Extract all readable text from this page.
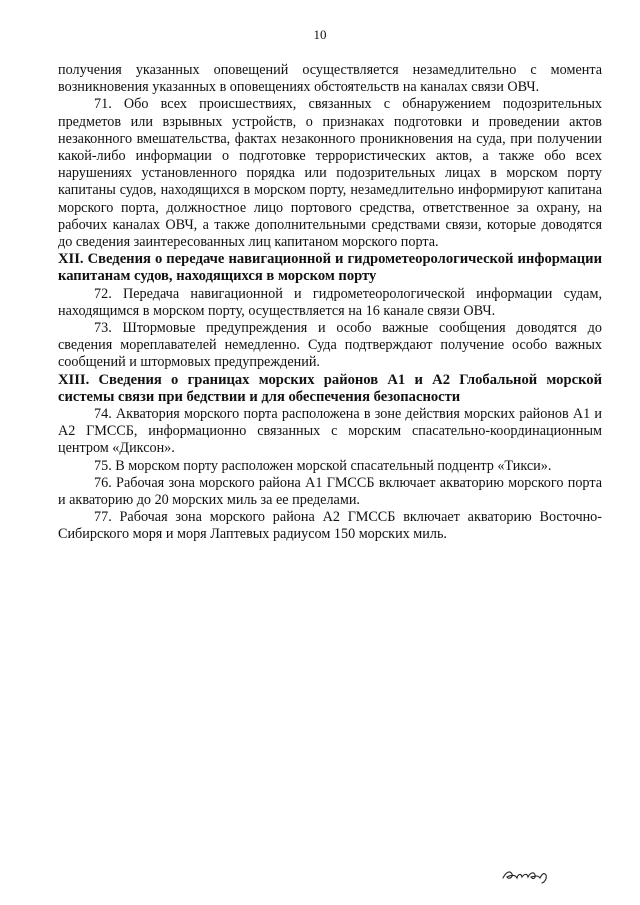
10

получения указанных оповещений осуществляется незамедлительно с момента возникновения указанных в оповещениях обстоятельств на каналах связи ОВЧ.

71. Обо всех происшествиях, связанных с обнаружением подозрительных предметов или взрывных устройств, о признаках подготовки и проведении актов незаконного вмешательства, фактах незаконного проникновения на суда, при получении какой-либо информации о подготовке террористических актов, а также обо всех нарушениях установленного порядка или подозрительных лицах в морском порту капитаны судов, находящихся в морском порту, незамедлительно информируют капитана морского порта, должностное лицо портового средства, ответственное за охрану, на рабочих каналах ОВЧ, а также дополнительными средствами связи, которые доводятся до сведения заинтересованных лиц капитаном морского порта.

XII. Сведения о передаче навигационной и гидрометеорологической информации капитанам судов, находящихся в морском порту

72. Передача навигационной и гидрометеорологической информации судам, находящимся в морском порту, осуществляется на 16 канале связи ОВЧ.

73. Штормовые предупреждения и особо важные сообщения доводятся до сведения мореплавателей немедленно. Суда подтверждают получение особо важных сообщений и штормовых предупреждений.

XIII. Сведения о границах морских районов А1 и А2 Глобальной морской системы связи при бедствии и для обеспечения безопасности

74. Акватория морского порта расположена в зоне действия морских районов А1 и А2 ГМССБ, информационно связанных с морским спасательно-координационным центром «Диксон».

75. В морском порту расположен морской спасательный подцентр «Тикси».

76. Рабочая зона морского района А1 ГМССБ включает акваторию морского порта и акваторию до 20 морских миль за ее пределами.

77. Рабочая зона морского района А2 ГМССБ включает акваторию Восточно-Сибирского моря и моря Лаптевых радиусом 150 морских миль.
